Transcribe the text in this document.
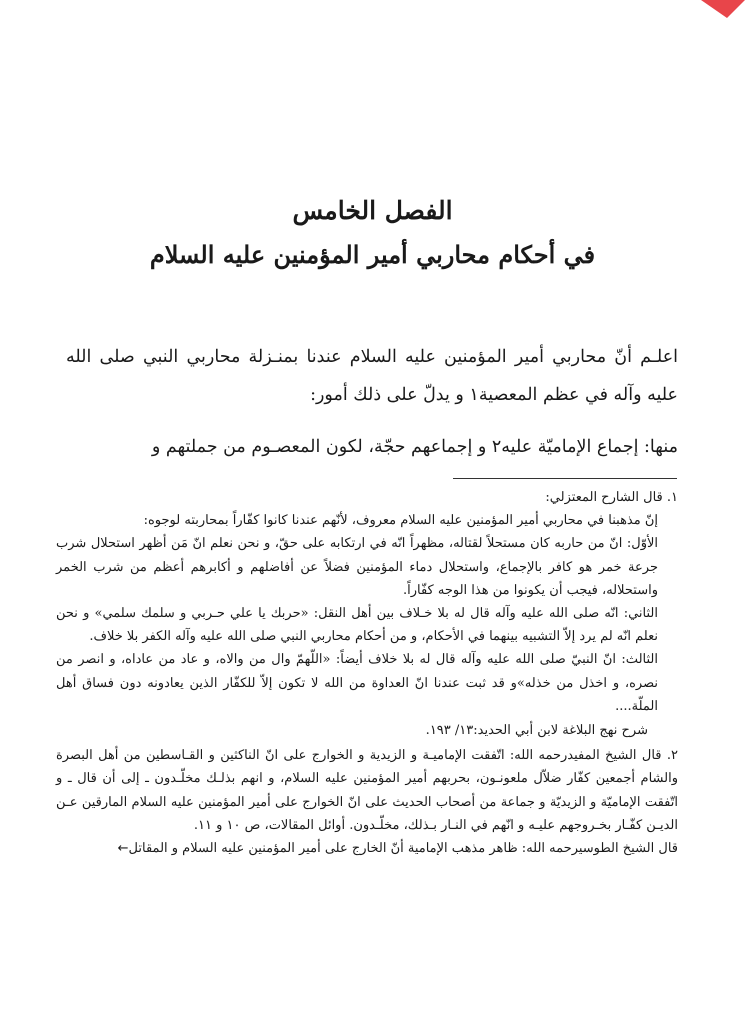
الفصل الخامس
في أحكام محاربي أمير المؤمنين عليه السلام

اعلـم أنّ محاربي أمير المؤمنين عليه السلام عندنا بمنـزلة محاربي النبي صلى الله عليه وآله في عظم المعصية١ و يدلّ على ذلك أمور:

منها: إجماع الإماميّة عليه٢ و إجماعهم حجّة، لكون المعصـوم من جملتهم و

١. قال الشارح المعتزلي:

إنّ مذهبنا في محاربي أمير المؤمنين عليه السلام معروف، لأنّهم عندنا كانوا كفّاراً بمحاربته لوجوه:

الأوّل: انّ من حاربه كان مستحلاً لقتاله، مظهراً انّه في ارتكابه على حقّ، و نحن نعلم انّ مَن أظهر استحلال شرب جرعة خمر هو كافر بالإجماع، واستحلال دماء المؤمنين فضلاً عن أفاضلهم و أكابرهم أعظم من شرب الخمر واستحلاله، فيجب أن يكونوا من هذا الوجه كفّاراً.

الثاني: انّه صلى الله عليه وآله قال له بلا خـلاف بين أهل النقل: «حربك يا علي حـربي و سلمك سلمي» و نحن نعلم انّه لم يرد إلاّ التشبيه بينهما في الأحكام، و من أحكام محاربي النبي صلى الله عليه وآله الكفر بلا خلاف.

الثالث: انّ النبيّ صلى الله عليه وآله قال له بلا خلاف أيضاً: «اللّهمّ وال من والاه، و عاد من عاداه، و انصر من نصره، و اخذل من خذله»و قد ثبت عندنا انّ العداوة من الله لا تكون إلاّ للكفّار الذين يعادونه دون فساق أهل الملّة....

شرح نهج البلاغة لابن أبي الحديد:١٣/ ١٩٣.

٢. قال الشيخ المفيدرحمه الله: اتّفقت الإماميـة و الزيدية و الخوارج على انّ الناكثين و القـاسطين من أهل البصرة والشام أجمعين كفّار ضلاّل ملعونـون، بحربهم أمير المؤمنين عليه السلام، و انهم بذلـك مخلّـدون ـ إلى أن قال ـ و اتّفقت الإماميّة و الزيديّة و جماعة من أصحاب الحديث على انّ الخوارج على أمير المؤمنين عليه السلام المارقين عـن الديـن كفّـار بخـروجهم عليـه و انّهم في النـار بـذلك، مخلّـدون. أوائل المقالات، ص ١٠ و ١١.

قال الشيخ الطوسيرحمه الله: ظاهر مذهب الإمامية أنّ الخارج على أمير المؤمنين عليه السلام و المقاتل←
